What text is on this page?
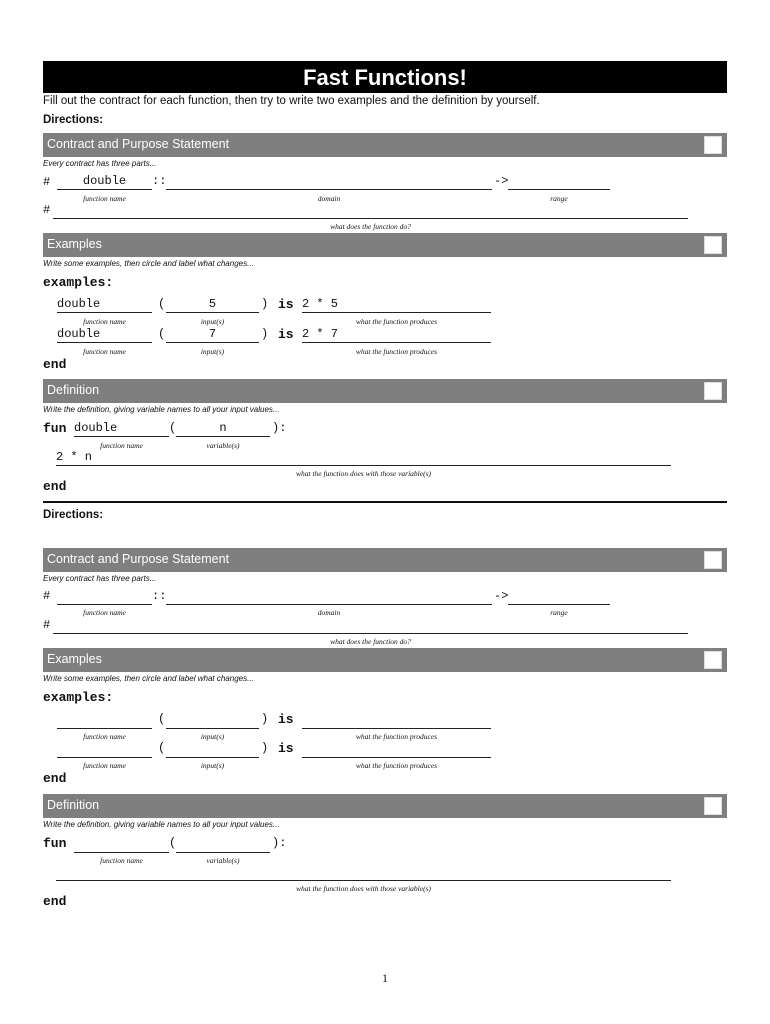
Fast Functions!
Fill out the contract for each function, then try to write two examples and the definition by yourself.
Directions:
Contract and Purpose Statement
Every contract has three parts...
#	double	::	->
function name	domain	range
#
what does the function do?
Examples
Write some examples, then circle and label what changes...
examples:
double	(	5	) is 2 * 5
function name	input(s)	what the function produces
double	(	7	) is 2 * 7
function name	input(s)	what the function produces
end
Definition
Write the definition, giving variable names to all your input values...
fun double	(	n	):
function name	variable(s)
2 * n
what the function does with those variable(s)
end
Directions:
Contract and Purpose Statement
Every contract has three parts...
#	::	->
function name	domain	range
#
what does the function do?
Examples
Write some examples, then circle and label what changes...
examples:
(	) is
function name	input(s)	what the function produces
(	) is
function name	input(s)	what the function produces
end
Definition
Write the definition, giving variable names to all your input values...
fun	(	):
function name	variable(s)
what the function does with those variable(s)
end
1
